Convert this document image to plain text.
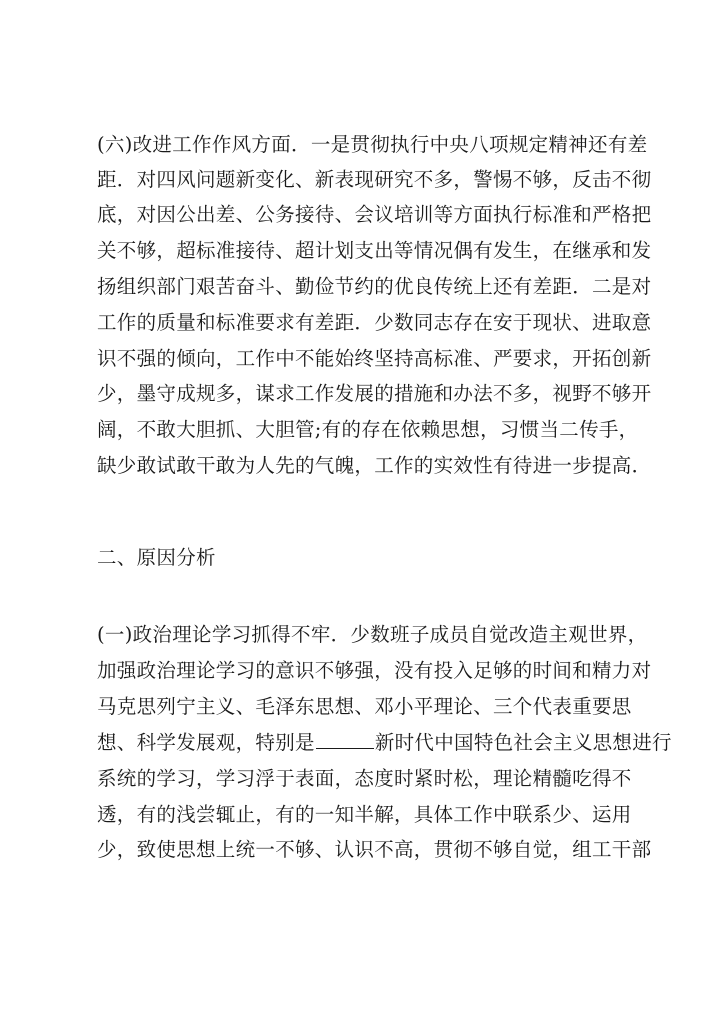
(六)改进工作作风方面．一是贯彻执行中央八项规定精神还有差
距．对四风问题新变化、新表现研究不多，警惕不够，反击不彻
底，对因公出差、公务接待、会议培训等方面执行标准和严格把
关不够，超标准接待、超计划支出等情况偶有发生，在继承和发
扬组织部门艰苦奋斗、勤俭节约的优良传统上还有差距．二是对
工作的质量和标准要求有差距．少数同志存在安于现状、进取意
识不强的倾向，工作中不能始终坚持高标准、严要求，开拓创新
少，墨守成规多，谋求工作发展的措施和办法不多，视野不够开
阔，不敢大胆抓、大胆管;有的存在依赖思想，习惯当二传手，
缺少敢试敢干敢为人先的气魄，工作的实效性有待进一步提高．
二、原因分析
(一)政治理论学习抓得不牢．少数班子成员自觉改造主观世界，
加强政治理论学习的意识不够强，没有投入足够的时间和精力对
马克思列宁主义、毛泽东思想、邓小平理论、三个代表重要思
想、科学发展观，特别是	新时代中国特色社会主义思想进行
系统的学习，学习浮于表面，态度时紧时松，理论精髓吃得不
透，有的浅尝辄止，有的一知半解，具体工作中联系少、运用
少，致使思想上统一不够、认识不高，贯彻不够自觉，组工干部
